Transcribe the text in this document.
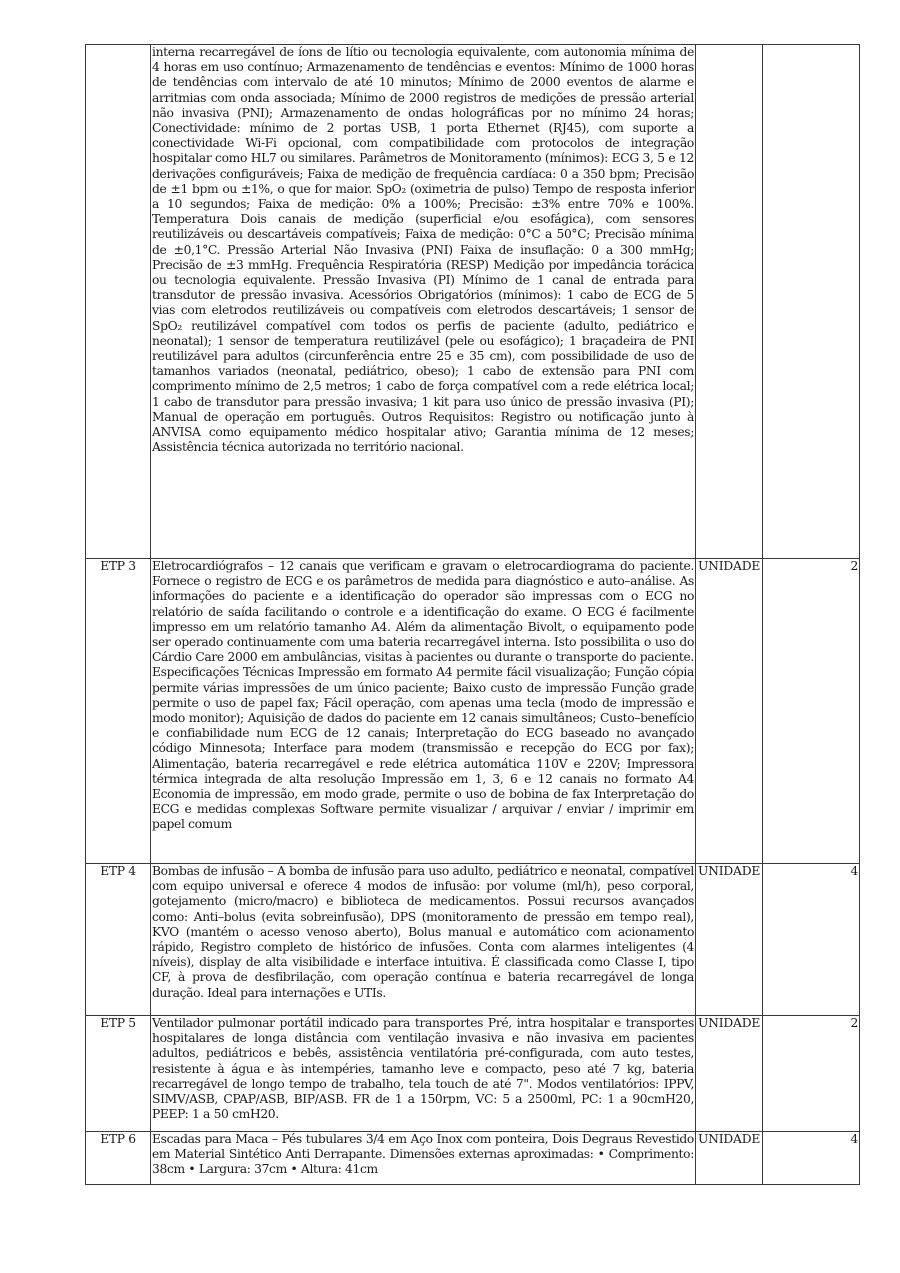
	interna recarregável de íons de lítio ou tecnologia equivalente, com autonomia mínima de 4 horas em uso contínuo; Armazenamento de tendências e eventos: Mínimo de 1000 horas de tendências com intervalo de até 10 minutos; Mínimo de 2000 eventos de alarme e arritmias com onda associada; Mínimo de 2000 registros de medições de pressão arterial não invasiva (PNI); Armazenamento de ondas holográficas por no mínimo 24 horas; Conectividade: mínimo de 2 portas USB, 1 porta Ethernet (RJ45), com suporte a conectividade Wi-Fi opcional, com compatibilidade com protocolos de integração hospitalar como HL7 ou similares. Parâmetros de Monitoramento (mínimos): ECG 3, 5 e 12 derivações configuráveis; Faixa de medição de frequência cardíaca: 0 a 350 bpm; Precisão de ±1 bpm ou ±1%, o que for maior. SpO₂ (oximetria de pulso) Tempo de resposta inferior a 10 segundos; Faixa de medição: 0% a 100%; Precisão: ±3% entre 70% e 100%. Temperatura Dois canais de medição (superficial e/ou esofágica), com sensores reutilizáveis ou descartáveis compatíveis; Faixa de medição: 0°C a 50°C; Precisão mínima de ±0,1°C. Pressão Arterial Não Invasiva (PNI) Faixa de insuflação: 0 a 300 mmHg; Precisão de ±3 mmHg. Frequência Respiratória (RESP) Medição por impedância torácica ou tecnologia equivalente. Pressão Invasiva (PI) Mínimo de 1 canal de entrada para transdutor de pressão invasiva. Acessórios Obrigatórios (mínimos): 1 cabo de ECG de 5 vias com eletrodos reutilizáveis ou compatíveis com eletrodos descartáveis; 1 sensor de SpO₂ reutilizável compatível com todos os perfis de paciente (adulto, pediátrico e neonatal); 1 sensor de temperatura reutilizável (pele ou esofágico); 1 braçadeira de PNI reutilizável para adultos (circunferência entre 25 e 35 cm), com possibilidade de uso de tamanhos variados (neonatal, pediátrico, obeso); 1 cabo de extensão para PNI com comprimento mínimo de 2,5 metros; 1 cabo de força compatível com a rede elétrica local; 1 cabo de transdutor para pressão invasiva; 1 kit para uso único de pressão invasiva (PI); Manual de operação em português. Outros Requisitos: Registro ou notificação junto à ANVISA como equipamento médico hospitalar ativo; Garantia mínima de 12 meses; Assistência técnica autorizada no território nacional.		
ETP 3	Eletrocardiógrafos – 12 canais que verificam e gravam o eletrocardiograma do paciente. Fornece o registro de ECG e os parâmetros de medida para diagnóstico e auto–análise. As informações do paciente e a identificação do operador são impressas com o ECG no relatório de saída facilitando o controle e a identificação do exame. O ECG é facilmente impresso em um relatório tamanho A4. Além da alimentação Bivolt, o equipamento pode ser operado continuamente com uma bateria recarregável interna. Isto possibilita o uso do Cárdio Care 2000 em ambulâncias, visitas à pacientes ou durante o transporte do paciente. Especificações Técnicas Impressão em formato A4 permite fácil visualização; Função cópia permite várias impressões de um único paciente; Baixo custo de impressão Função grade permite o uso de papel fax; Fácil operação, com apenas uma tecla (modo de impressão e modo monitor); Aquisição de dados do paciente em 12 canais simultâneos; Custo–benefício e confiabilidade num ECG de 12 canais; Interpretação do ECG baseado no avançado código Minnesota; Interface para modem (transmissão e recepção do ECG por fax); Alimentação, bateria recarregável e rede elétrica automática 110V e 220V; Impressora térmica integrada de alta resolução Impressão em 1, 3, 6 e 12 canais no formato A4 Economia de impressão, em modo grade, permite o uso de bobina de fax Interpretação do ECG e medidas complexas Software permite visualizar / arquivar / enviar / imprimir em papel comum	UNIDADE	2
ETP 4	Bombas de infusão – A bomba de infusão para uso adulto, pediátrico e neonatal, compatível com equipo universal e oferece 4 modos de infusão: por volume (ml/h), peso corporal, gotejamento (micro/macro) e biblioteca de medicamentos. Possui recursos avançados como: Anti–bolus (evita sobreinfusão), DPS (monitoramento de pressão em tempo real), KVO (mantém o acesso venoso aberto), Bolus manual e automático com acionamento rápido, Registro completo de histórico de infusões. Conta com alarmes inteligentes (4 níveis), display de alta visibilidade e interface intuitiva. É classificada como Classe I, tipo CF, à prova de desfibrilação, com operação contínua e bateria recarregável de longa duração. Ideal para internações e UTIs.	UNIDADE	4
ETP 5	Ventilador pulmonar portátil indicado para transportes Pré, intra hospitalar e transportes hospitalares de longa distância com ventilação invasiva e não invasiva em pacientes adultos, pediátricos e bebês, assistência ventilatória pré-configurada, com auto testes, resistente à água e às intempéries, tamanho leve e compacto, peso até 7 kg, bateria recarregável de longo tempo de trabalho, tela touch de até 7". Modos ventilatórios: IPPV, SIMV/ASB, CPAP/ASB, BIP/ASB. FR de 1 a 150rpm, VC: 5 a 2500ml, PC: 1 a 90cmH20, PEEP: 1 a 50 cmH20.	UNIDADE	2
ETP 6	Escadas para Maca – Pés tubulares 3/4 em Aço Inox com ponteira, Dois Degraus Revestido em Material Sintético Anti Derrapante. Dimensões externas aproximadas: • Comprimento: 38cm • Largura: 37cm • Altura: 41cm	UNIDADE	4
